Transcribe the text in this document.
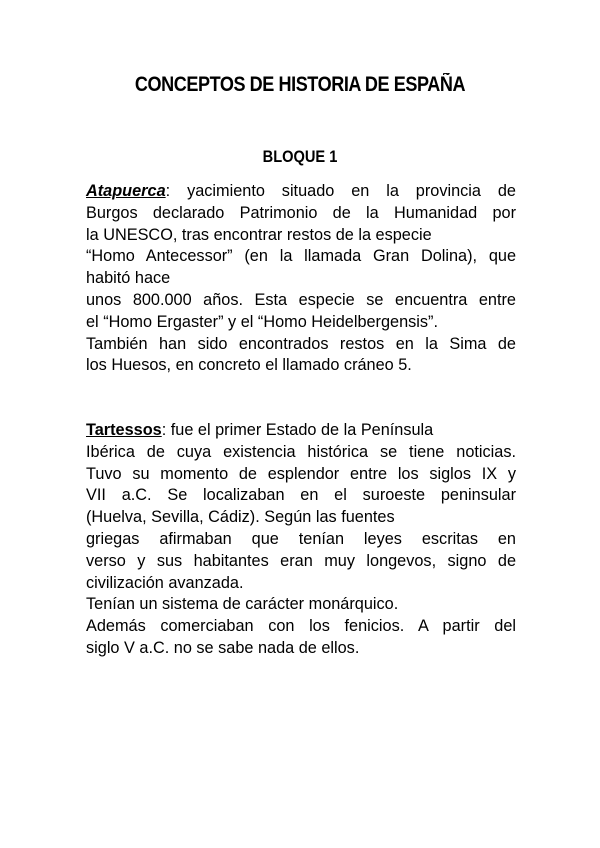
CONCEPTOS DE HISTORIA DE ESPAÑA
BLOQUE 1
Atapuerca: yacimiento situado en la provincia de
Burgos declarado Patrimonio de la Humanidad por
la UNESCO, tras encontrar restos de la especie
“Homo Antecessor” (en la llamada Gran Dolina), que
habitó hace
unos 800.000 años. Esta especie se encuentra entre
el “Homo Ergaster” y el “Homo Heidelbergensis”.
También han sido encontrados restos en la Sima de
los Huesos, en concreto el llamado cráneo 5.
Tartessos: fue el primer Estado de la Península
Ibérica de cuya existencia histórica se tiene noticias.
Tuvo su momento de esplendor entre los siglos IX y
VII a.C. Se localizaban en el suroeste peninsular
(Huelva, Sevilla, Cádiz). Según las fuentes
griegas afirmaban que tenían leyes escritas en
verso y sus habitantes eran muy longevos, signo de
civilización avanzada.
Tenían un sistema de carácter monárquico.
Además comerciaban con los fenicios. A partir del
siglo V a.C. no se sabe nada de ellos.
